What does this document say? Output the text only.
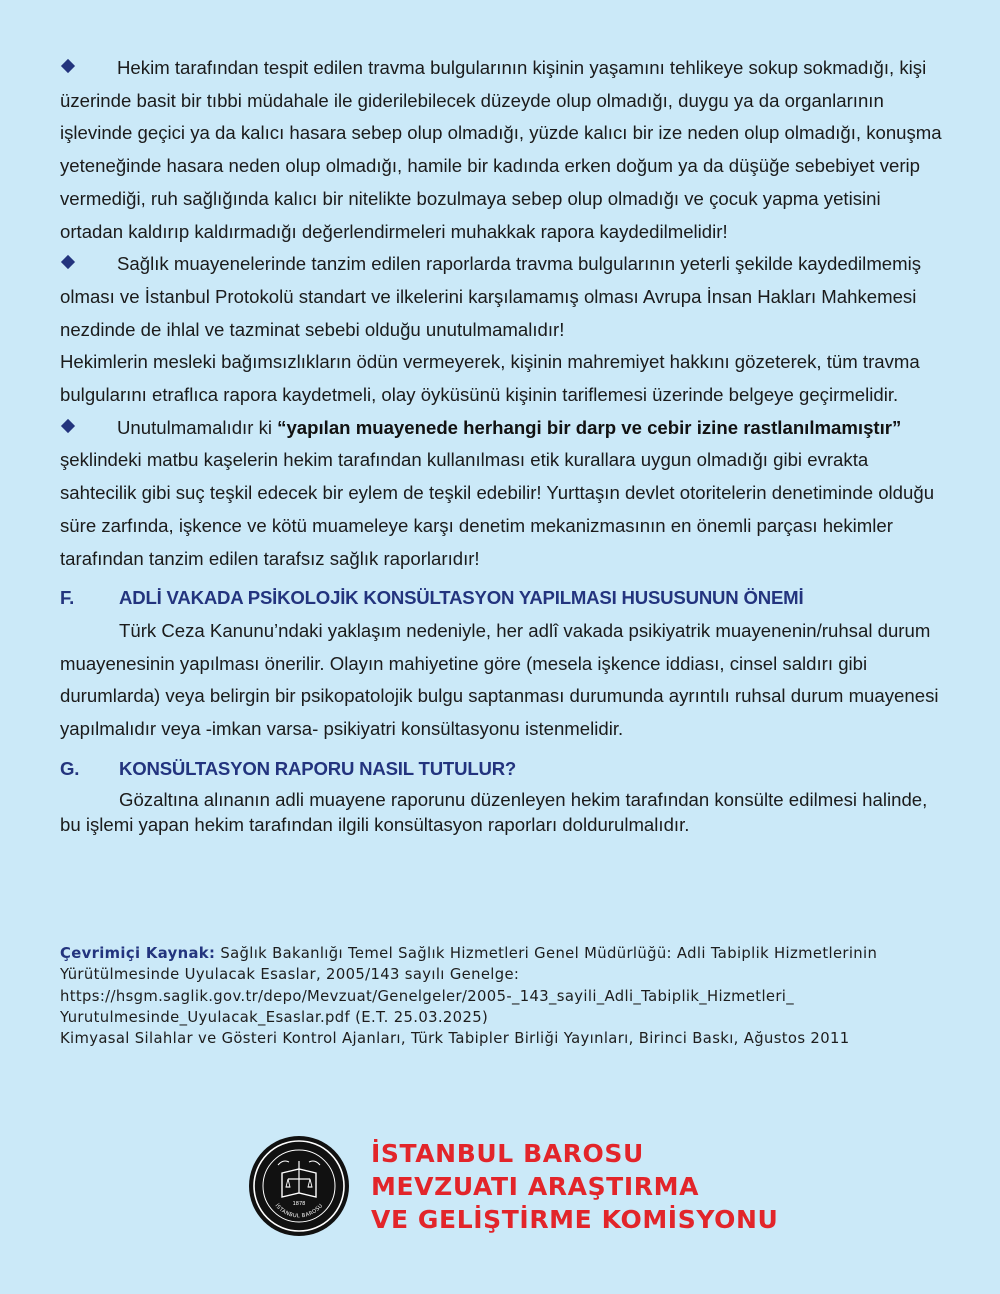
Hekim tarafından tespit edilen travma bulgularının kişinin yaşamını tehlikeye sokup sokmadığı, kişi üzerinde basit bir tıbbi müdahale ile giderilebilecek düzeyde olup olmadığı, duygu ya da organlarının işlevinde geçici ya da kalıcı hasara sebep olup olmadığı, yüzde kalıcı bir ize neden olup olmadığı, konuşma yeteneğinde hasara neden olup olmadığı, hamile bir kadında erken doğum ya da düşüğe sebebiyet verip vermediği, ruh sağlığında kalıcı bir nitelikte bozulmaya sebep olup olmadığı ve çocuk yapma yetisini ortadan kaldırıp kaldırmadığı değerlendirmeleri muhakkak rapora kaydedilmelidir!

Sağlık muayenelerinde tanzim edilen raporlarda travma bulgularının yeterli şekilde kaydedilmemiş olması ve İstanbul Protokolü standart ve ilkelerini karşılamamış olması Avrupa İnsan Hakları Mahkemesi nezdinde de ihlal ve tazminat sebebi olduğu unutulmamalıdır!

Hekimlerin mesleki bağımsızlıkların ödün vermeyerek, kişinin mahremiyet hakkını gözeterek, tüm travma bulgularını etraflıca rapora kaydetmeli, olay öyküsünü kişinin tariflemesi üzerinde belgeye geçirmelidir.

Unutulmamalıdır ki “yapılan muayenede herhangi bir darp ve cebir izine rastlanılmamıştır” şeklindeki matbu kaşelerin hekim tarafından kullanılması etik kurallara uygun olmadığı gibi evrakta sahtecilik gibi suç teşkil edecek bir eylem de teşkil edebilir! Yurttaşın devlet otoritelerin denetiminde olduğu süre zarfında, işkence ve kötü muameleye karşı denetim mekanizmasının en önemli parçası hekimler tarafından tanzim edilen tarafsız sağlık raporlarıdır!

F. ADLİ VAKADA PSİKOLOJİK KONSÜLTASYON YAPILMASI HUSUSUNUN ÖNEMİ

Türk Ceza Kanunu’ndaki yaklaşım nedeniyle, her adlî vakada psikiyatrik muayenenin/ruhsal durum muayenesinin yapılması önerilir. Olayın mahiyetine göre (mesela işkence iddiası, cinsel saldırı gibi durumlarda) veya belirgin bir psikopatolojik bulgu saptanması durumunda ayrıntılı ruhsal durum muayenesi yapılmalıdır veya -imkan varsa- psikiyatri konsültasyonu istenmelidir.

G. KONSÜLTASYON RAPORU NASIL TUTULUR?

Gözaltına alınanın adli muayene raporunu düzenleyen hekim tarafından konsülte edilmesi halinde, bu işlemi yapan hekim tarafından ilgili konsültasyon raporları doldurulmalıdır.

Çevrimiçi Kaynak: Sağlık Bakanlığı Temel Sağlık Hizmetleri Genel Müdürlüğü: Adli Tabiplik Hizmetlerinin Yürütülmesinde Uyulacak Esaslar, 2005/143 sayılı Genelge:

https://hsgm.saglik.gov.tr/depo/Mevzuat/Genelgeler/2005-_143_sayili_Adli_Tabiplik_Hizmetleri_

Yurutulmesinde_Uyulacak_Esaslar.pdf (E.T. 25.03.2025)

Kimyasal Silahlar ve Gösteri Kontrol Ajanları, Türk Tabipler Birliği Yayınları, Birinci Baskı, Ağustos 2011

1878
İSTANBUL BAROSU
İSTANBUL BAROSU
MEVZUATI ARAŞTIRMA
VE GELİŞTİRME KOMİSYONU
